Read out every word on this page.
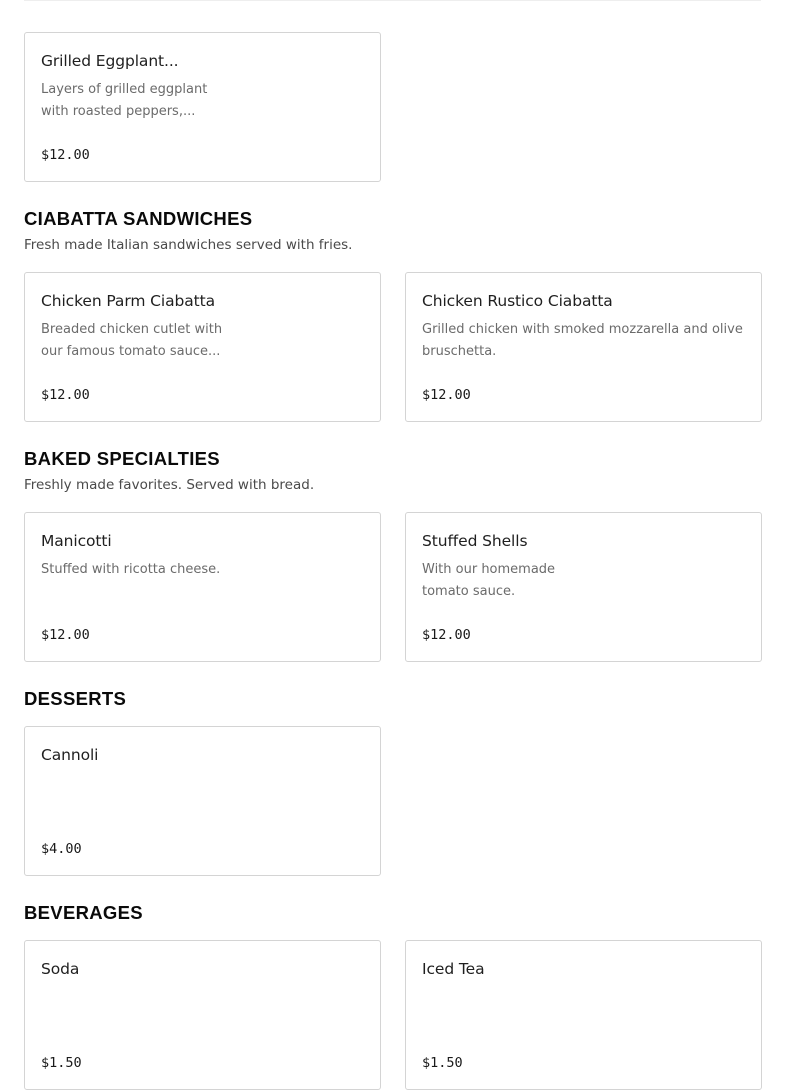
Grilled Eggplant...
Layers of grilled eggplant
with roasted peppers,...
$12.00
CIABATTA SANDWICHES
Fresh made Italian sandwiches served with fries.
Chicken Parm Ciabatta
Breaded chicken cutlet with
our famous tomato sauce...
$12.00
Chicken Rustico Ciabatta
Grilled chicken with smoked mozzarella and olive
bruschetta.
$12.00
BAKED SPECIALTIES
Freshly made favorites. Served with bread.
Manicotti
Stuffed with ricotta cheese.
$12.00
Stuffed Shells
With our homemade
tomato sauce.
$12.00
DESSERTS
Cannoli
$4.00
BEVERAGES
Soda
$1.50
Iced Tea
$1.50
